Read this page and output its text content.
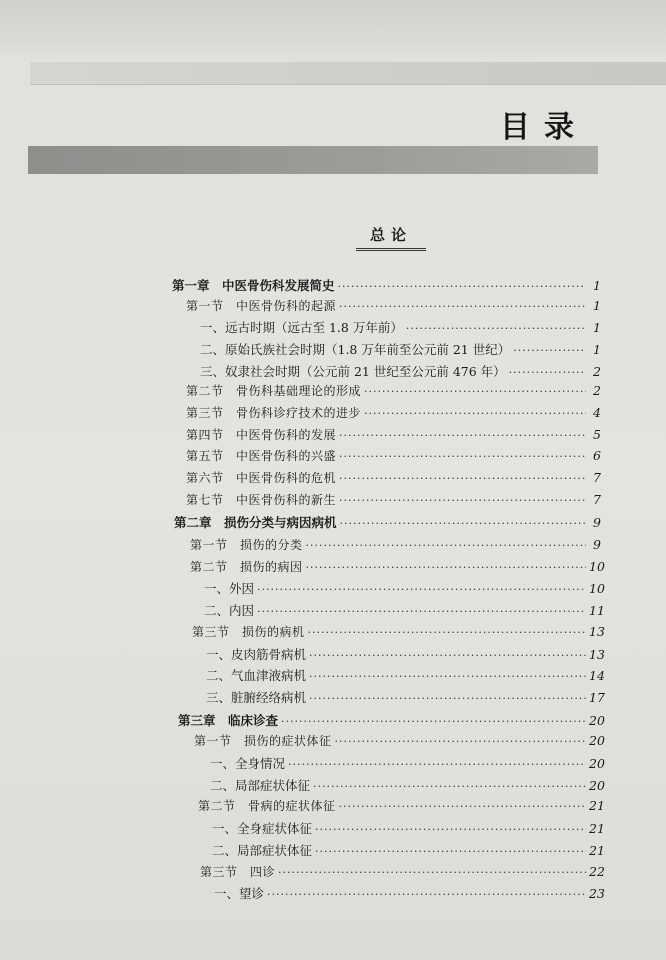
目录
总论
第一章　中医骨伤科发展简史 ·····	1
第一节　中医骨伤科的起源 ·····	1
一、远古时期（远古至 1.8 万年前） ·····	1
二、原始氏族社会时期（1.8 万年前至公元前 21 世纪） ·····	1
三、奴隶社会时期（公元前 21 世纪至公元前 476 年） ·····	2
第二节　骨伤科基础理论的形成 ·····	2
第三节　骨伤科诊疗技术的进步 ·····	4
第四节　中医骨伤科的发展 ·····	5
第五节　中医骨伤科的兴盛 ·····	6
第六节　中医骨伤科的危机 ·····	7
第七节　中医骨伤科的新生 ·····	7
第二章　损伤分类与病因病机 ·····	9
第一节　损伤的分类 ·····	9
第二节　损伤的病因 ·····	10
一、外因 ·····	10
二、内因 ·····	11
第三节　损伤的病机 ·····	13
一、皮肉筋骨病机 ·····	13
二、气血津液病机 ·····	14
三、脏腑经络病机 ·····	17
第三章　临床诊查 ·····	20
第一节　损伤的症状体征 ·····	20
一、全身情况 ·····	20
二、局部症状体征 ·····	20
第二节　骨病的症状体征 ·····	21
一、全身症状体征 ·····	21
二、局部症状体征 ·····	21
第三节　四诊 ·····	22
一、望诊 ·····	23
